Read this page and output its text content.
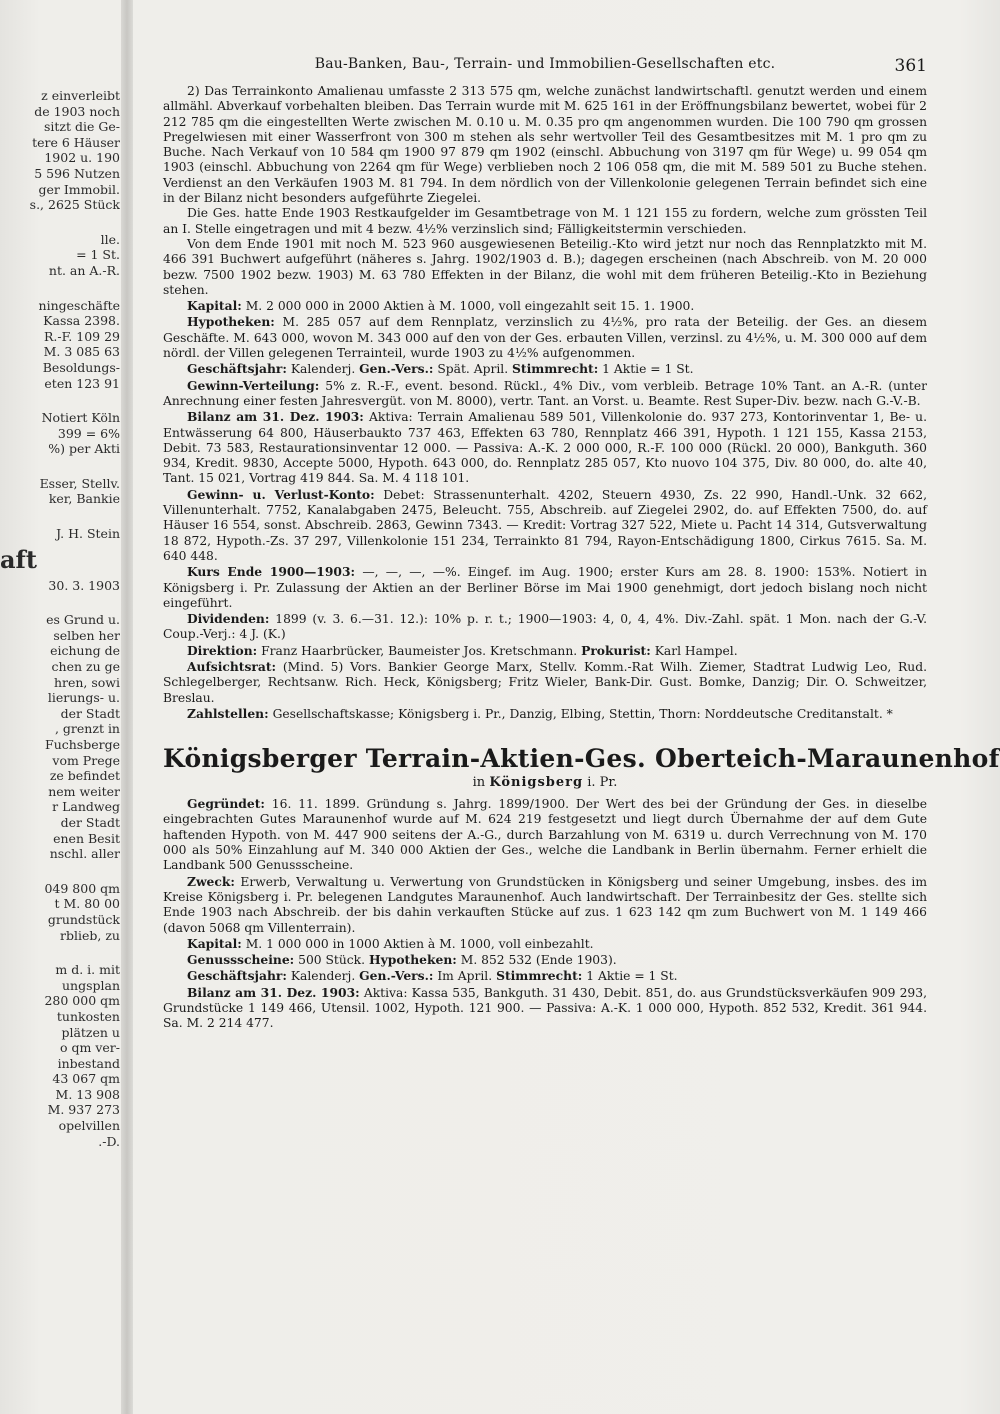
z einverleibt
de 1903 noch
sitzt die Ge-
tere 6 Häuser
1902 u. 190
5 596 Nutzen
ger Immobil.
s., 2625 Stück
lle.
= 1 St.
nt. an A.-R.
ningeschäfte
Kassa 2398.
R.-F. 109 29
M. 3 085 63
Besoldungs-
eten 123 91
Notiert Köln
399 = 6%
%) per Akti
Esser, Stellv.
ker, Bankie
J. H. Stein
aft
30. 3. 1903
es Grund u.
selben her
eichung de
chen zu ge
hren, sowi
lierungs- u.
der Stadt
, grenzt in
Fuchsberge
vom Prege
ze befindet
nem weiter
r Landweg
der Stadt
enen Besit
nschl. aller
049 800 qm
t M. 80 00
grundstück
rblieb, zu
m d. i. mit
ungsplan
280 000 qm
tunkosten
plätzen u
o qm ver-
inbestand
43 067 qm
M. 13 908
M. 937 273
opelvillen
.-D.
Bau-Banken, Bau-, Terrain- und Immobilien-Gesellschaften etc.	361

2) Das Terrainkonto Amalienau umfasste 2 313 575 qm, welche zunächst landwirtschaftl. genutzt werden und einem allmähl. Abverkauf vorbehalten bleiben. Das Terrain wurde mit M. 625 161 in der Eröffnungsbilanz bewertet, wobei für 2 212 785 qm die eingestellten Werte zwischen M. 0.10 u. M. 0.35 pro qm angenommen wurden. Die 100 790 qm grossen Pregelwiesen mit einer Wasserfront von 300 m stehen als sehr wertvoller Teil des Gesamtbesitzes mit M. 1 pro qm zu Buche. Nach Verkauf von 10 584 qm 1900 97 879 qm 1902 (einschl. Abbuchung von 3197 qm für Wege) u. 99 054 qm 1903 (einschl. Abbuchung von 2264 qm für Wege) verblieben noch 2 106 058 qm, die mit M. 589 501 zu Buche stehen. Verdienst an den Verkäufen 1903 M. 81 794. In dem nördlich von der Villenkolonie gelegenen Terrain befindet sich eine in der Bilanz nicht besonders aufgeführte Ziegelei.

Die Ges. hatte Ende 1903 Restkaufgelder im Gesamtbetrage von M. 1 121 155 zu fordern, welche zum grössten Teil an I. Stelle eingetragen und mit 4 bezw. 4½% verzinslich sind; Fälligkeitstermin verschieden.

Von dem Ende 1901 mit noch M. 523 960 ausgewiesenen Beteilig.-Kto wird jetzt nur noch das Rennplatzkto mit M. 466 391 Buchwert aufgeführt (näheres s. Jahrg. 1902/1903 d. B.); dagegen erscheinen (nach Abschreib. von M. 20 000 bezw. 7500 1902 bezw. 1903) M. 63 780 Effekten in der Bilanz, die wohl mit dem früheren Beteilig.-Kto in Beziehung stehen.

Kapital: M. 2 000 000 in 2000 Aktien à M. 1000, voll eingezahlt seit 15. 1. 1900.

Hypotheken: M. 285 057 auf dem Rennplatz, verzinslich zu 4½%, pro rata der Beteilig. der Ges. an diesem Geschäfte. M. 643 000, wovon M. 343 000 auf den von der Ges. erbauten Villen, verzinsl. zu 4½%, u. M. 300 000 auf dem nördl. der Villen gelegenen Terrainteil, wurde 1903 zu 4½% aufgenommen.

Geschäftsjahr: Kalenderj. Gen.-Vers.: Spät. April. Stimmrecht: 1 Aktie = 1 St.

Gewinn-Verteilung: 5% z. R.-F., event. besond. Rückl., 4% Div., vom verbleib. Betrage 10% Tant. an A.-R. (unter Anrechnung einer festen Jahresvergüt. von M. 8000), vertr. Tant. an Vorst. u. Beamte. Rest Super-Div. bezw. nach G.-V.-B.

Bilanz am 31. Dez. 1903: Aktiva: Terrain Amalienau 589 501, Villenkolonie do. 937 273, Kontorinventar 1, Be- u. Entwässerung 64 800, Häuserbaukto 737 463, Effekten 63 780, Rennplatz 466 391, Hypoth. 1 121 155, Kassa 2153, Debit. 73 583, Restaurationsinventar 12 000. — Passiva: A.-K. 2 000 000, R.-F. 100 000 (Rückl. 20 000), Bankguth. 360 934, Kredit. 9830, Accepte 5000, Hypoth. 643 000, do. Rennplatz 285 057, Kto nuovo 104 375, Div. 80 000, do. alte 40, Tant. 15 021, Vortrag 419 844. Sa. M. 4 118 101.

Gewinn- u. Verlust-Konto: Debet: Strassenunterhalt. 4202, Steuern 4930, Zs. 22 990, Handl.-Unk. 32 662, Villenunterhalt. 7752, Kanalabgaben 2475, Beleucht. 755, Abschreib. auf Ziegelei 2902, do. auf Effekten 7500, do. auf Häuser 16 554, sonst. Abschreib. 2863, Gewinn 7343. — Kredit: Vortrag 327 522, Miete u. Pacht 14 314, Gutsverwaltung 18 872, Hypoth.-Zs. 37 297, Villenkolonie 151 234, Terrainkto 81 794, Rayon-Entschädigung 1800, Cirkus 7615. Sa. M. 640 448.

Kurs Ende 1900—1903: —, —, —, —%. Eingef. im Aug. 1900; erster Kurs am 28. 8. 1900: 153%. Notiert in Königsberg i. Pr. Zulassung der Aktien an der Berliner Börse im Mai 1900 genehmigt, dort jedoch bislang noch nicht eingeführt.

Dividenden: 1899 (v. 3. 6.—31. 12.): 10% p. r. t.; 1900—1903: 4, 0, 4, 4%. Div.-Zahl. spät. 1 Mon. nach der G.-V. Coup.-Verj.: 4 J. (K.)

Direktion: Franz Haarbrücker, Baumeister Jos. Kretschmann. Prokurist: Karl Hampel.

Aufsichtsrat: (Mind. 5) Vors. Bankier George Marx, Stellv. Komm.-Rat Wilh. Ziemer, Stadtrat Ludwig Leo, Rud. Schlegelberger, Rechtsanw. Rich. Heck, Königsberg; Fritz Wieler, Bank-Dir. Gust. Bomke, Danzig; Dir. O. Schweitzer, Breslau.

Zahlstellen: Gesellschaftskasse; Königsberg i. Pr., Danzig, Elbing, Stettin, Thorn: Norddeutsche Creditanstalt. *

Königsberger Terrain-Aktien-Ges. Oberteich-Maraunenhof
in Königsberg i. Pr.

Gegründet: 16. 11. 1899. Gründung s. Jahrg. 1899/1900. Der Wert des bei der Gründung der Ges. in dieselbe eingebrachten Gutes Maraunenhof wurde auf M. 624 219 festgesetzt und liegt durch Übernahme der auf dem Gute haftenden Hypoth. von M. 447 900 seitens der A.-G., durch Barzahlung von M. 6319 u. durch Verrechnung von M. 170 000 als 50% Einzahlung auf M. 340 000 Aktien der Ges., welche die Landbank in Berlin übernahm. Ferner erhielt die Landbank 500 Genussscheine.

Zweck: Erwerb, Verwaltung u. Verwertung von Grundstücken in Königsberg und seiner Umgebung, insbes. des im Kreise Königsberg i. Pr. belegenen Landgutes Maraunenhof. Auch landwirtschaft. Der Terrainbesitz der Ges. stellte sich Ende 1903 nach Abschreib. der bis dahin verkauften Stücke auf zus. 1 623 142 qm zum Buchwert von M. 1 149 466 (davon 5068 qm Villenterrain).

Kapital: M. 1 000 000 in 1000 Aktien à M. 1000, voll einbezahlt.

Genussscheine: 500 Stück. Hypotheken: M. 852 532 (Ende 1903).

Geschäftsjahr: Kalenderj. Gen.-Vers.: Im April. Stimmrecht: 1 Aktie = 1 St.

Bilanz am 31. Dez. 1903: Aktiva: Kassa 535, Bankguth. 31 430, Debit. 851, do. aus Grundstücksverkäufen 909 293, Grundstücke 1 149 466, Utensil. 1002, Hypoth. 121 900. — Passiva: A.-K. 1 000 000, Hypoth. 852 532, Kredit. 361 944. Sa. M. 2 214 477.
